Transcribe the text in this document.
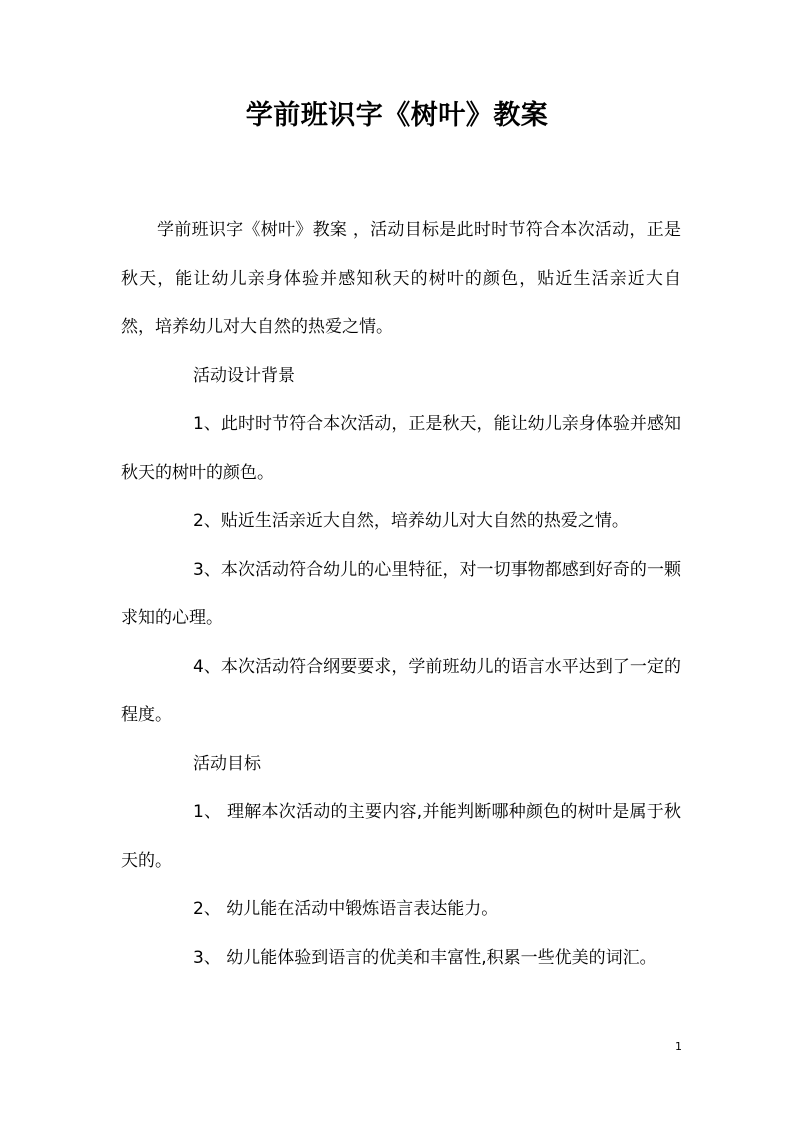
学前班识字《树叶》教案

学前班识字《树叶》教案 ，活动目标是此时时节符合本次活动，正是秋天，能让幼儿亲身体验并感知秋天的树叶的颜色，贴近生活亲近大自然，培养幼儿对大自然的热爱之情。

活动设计背景

1、此时时节符合本次活动，正是秋天，能让幼儿亲身体验并感知秋天的树叶的颜色。

2、贴近生活亲近大自然，培养幼儿对大自然的热爱之情。

3、本次活动符合幼儿的心里特征，对一切事物都感到好奇的一颗求知的心理。

4、本次活动符合纲要要求，学前班幼儿的语言水平达到了一定的程度。

活动目标

1、 理解本次活动的主要内容,并能判断哪种颜色的树叶是属于秋天的。

2、 幼儿能在活动中锻炼语言表达能力。

3、 幼儿能体验到语言的优美和丰富性,积累一些优美的词汇。

1
